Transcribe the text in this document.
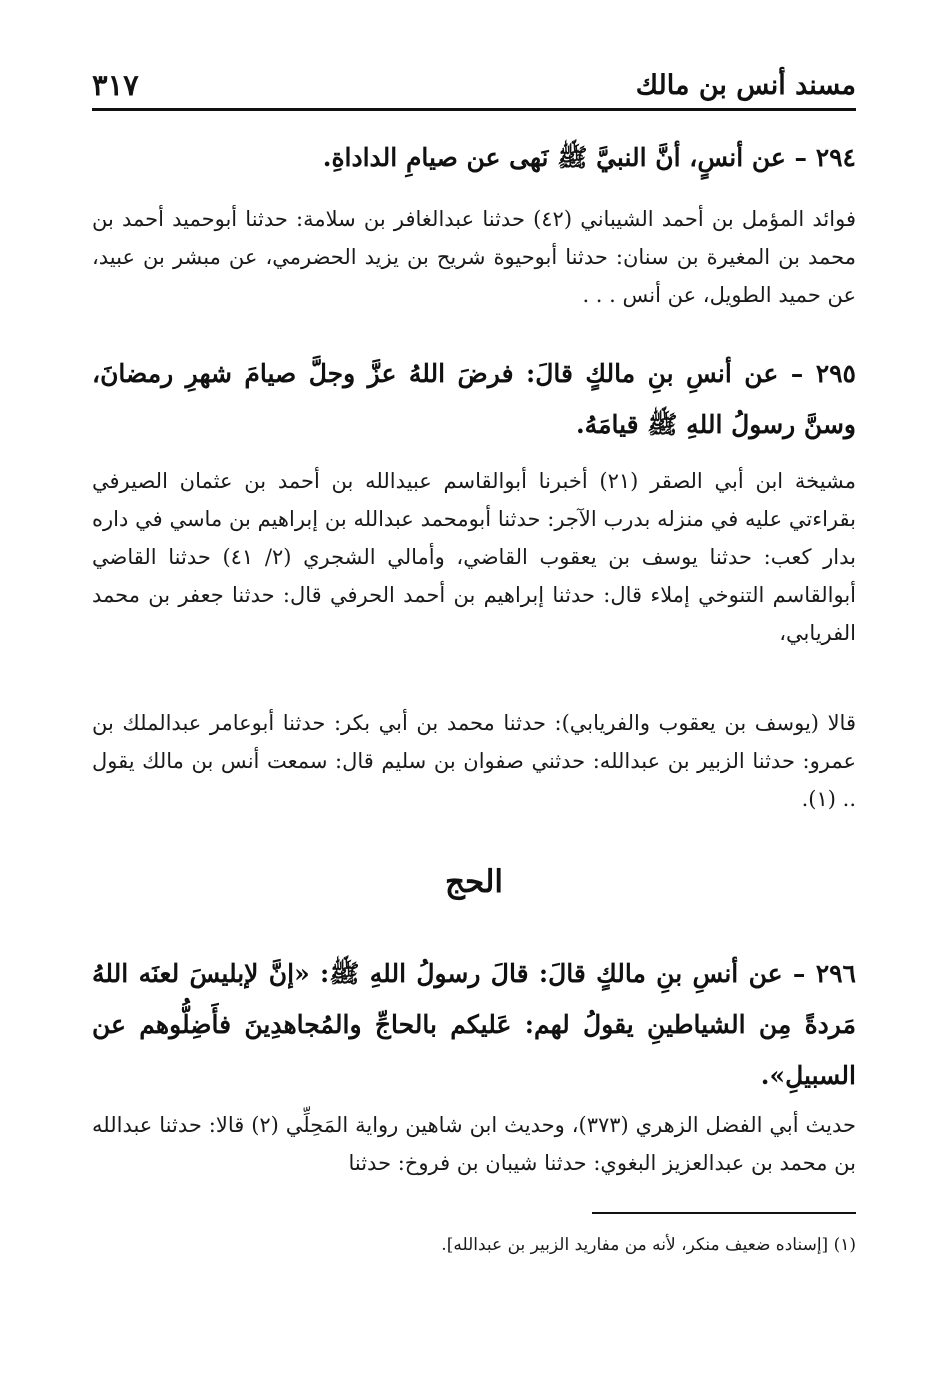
مسند أنس بن مالك
٣١٧
٢٩٤ – عن أنسٍ، أنَّ النبيَّ ﷺ نَهى عن صيامِ الداداةِ.
فوائد المؤمل بن أحمد الشيباني (٤٢) حدثنا عبدالغافر بن سلامة: حدثنا أبوحميد أحمد بن محمد بن المغيرة بن سنان: حدثنا أبوحيوة شريح بن يزيد الحضرمي، عن مبشر بن عبيد، عن حميد الطويل، عن أنس . . .
٢٩٥ – عن أنسِ بنِ مالكٍ قالَ: فرضَ اللهُ عزَّ وجلَّ صيامَ شهرِ رمضانَ، وسنَّ رسولُ اللهِ ﷺ قيامَهُ.
مشيخة ابن أبي الصقر (٢١) أخبرنا أبوالقاسم عبيدالله بن أحمد بن عثمان الصيرفي بقراءتي عليه في منزله بدرب الآجر: حدثنا أبومحمد عبدالله بن إبراهيم بن ماسي في داره بدار كعب: حدثنا يوسف بن يعقوب القاضي، وأمالي الشجري (٢/ ٤١) حدثنا القاضي أبوالقاسم التنوخي إملاء قال: حدثنا إبراهيم بن أحمد الحرفي قال: حدثنا جعفر بن محمد الفريابي،
قالا (يوسف بن يعقوب والفريابي): حدثنا محمد بن أبي بكر: حدثنا أبوعامر عبدالملك بن عمرو: حدثنا الزبير بن عبدالله: حدثني صفوان بن سليم قال: سمعت أنس بن مالك يقول .. (١).
الحج
٢٩٦ – عن أنسِ بنِ مالكٍ قالَ: قالَ رسولُ اللهِ ﷺ: «إنَّ لإبليسَ لعنَه اللهُ مَردةً مِن الشياطينِ يقولُ لهم: عَليكم بالحاجِّ والمُجاهدِينَ فأَضِلُّوهم عن السبيلِ».
حديث أبي الفضل الزهري (٣٧٣)، وحديث ابن شاهين رواية المَحِلِّي (٢) قالا: حدثنا عبدالله بن محمد بن عبدالعزيز البغوي: حدثنا شيبان بن فروخ: حدثنا
(١) [إسناده ضعيف منكر، لأنه من مفاريد الزبير بن عبدالله].
